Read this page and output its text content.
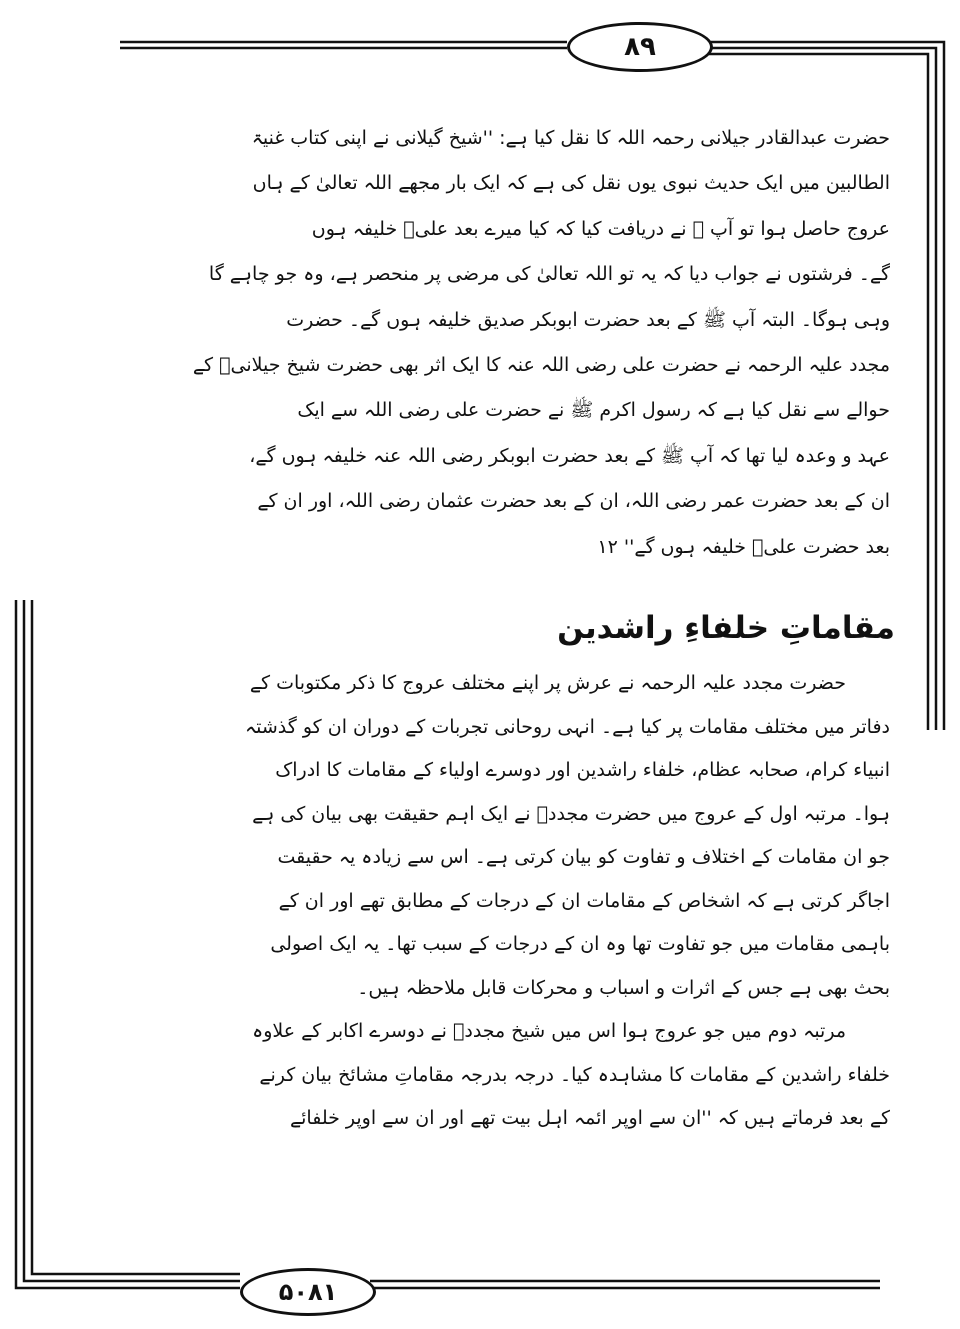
۸۹
۵۰۸۱
حضرت عبدالقادر جیلانی رحمہ اللہ کا نقل کیا ہے: ''شیخ گیلانی نے اپنی کتاب غنیۃ
الطالبین میں ایک حدیث نبوی یوں نقل کی ہے کہ ایک بار مجھے اللہ تعالیٰ کے ہاں
عروج حاصل ہوا تو آپ ﷺ نے دریافت کیا کہ کیا میرے بعد علیؓ خلیفہ ہوں
گے۔ فرشتوں نے جواب دیا کہ یہ تو اللہ تعالیٰ کی مرضی پر منحصر ہے، وہ جو چاہے گا
وہی ہوگا۔ البتہ آپ ﷺ کے بعد حضرت ابوبکر صدیق خلیفہ ہوں گے۔ حضرت
مجدد علیہ الرحمہ نے حضرت علی رضی اللہ عنہ کا ایک اثر بھی حضرت شیخ جیلانیؒ کے
حوالے سے نقل کیا ہے کہ رسول اکرم ﷺ نے حضرت علی رضی اللہ سے ایک
عہد و وعدہ لیا تھا کہ آپ ﷺ کے بعد حضرت ابوبکر رضی اللہ عنہ خلیفہ ہوں گے،
ان کے بعد حضرت عمر رضی اللہ، ان کے بعد حضرت عثمان رضی اللہ، اور ان کے
بعد حضرت علیؓ خلیفہ ہوں گے'' ۱۲
مقاماتِ خلفاءِ راشدین
حضرت مجدد علیہ الرحمہ نے عرش پر اپنے مختلف عروج کا ذکر مکتوبات کے
دفاتر میں مختلف مقامات پر کیا ہے۔ انہی روحانی تجربات کے دوران ان کو گذشتہ
انبیاء کرام، صحابہ عظام، خلفاء راشدین اور دوسرے اولیاء کے مقامات کا ادراک
ہوا۔ مرتبہ اول کے عروج میں حضرت مجددؒ نے ایک اہم حقیقت بھی بیان کی ہے
جو ان مقامات کے اختلاف و تفاوت کو بیان کرتی ہے۔ اس سے زیادہ یہ حقیقت
اجاگر کرتی ہے کہ اشخاص کے مقامات ان کے درجات کے مطابق تھے اور ان کے
باہمی مقامات میں جو تفاوت تھا وہ ان کے درجات کے سبب تھا۔ یہ ایک اصولی
بحث بھی ہے جس کے اثرات و اسباب و محرکات قابل ملاحظہ ہیں۔
مرتبہ دوم میں جو عروج ہوا اس میں شیخ مجددؒ نے دوسرے اکابر کے علاوہ
خلفاء راشدین کے مقامات کا مشاہدہ کیا۔ درجہ بدرجہ مقاماتِ مشائخ بیان کرنے
کے بعد فرماتے ہیں کہ ''ان سے اوپر ائمہ اہل بیت تھے اور ان سے اوپر خلفائے
